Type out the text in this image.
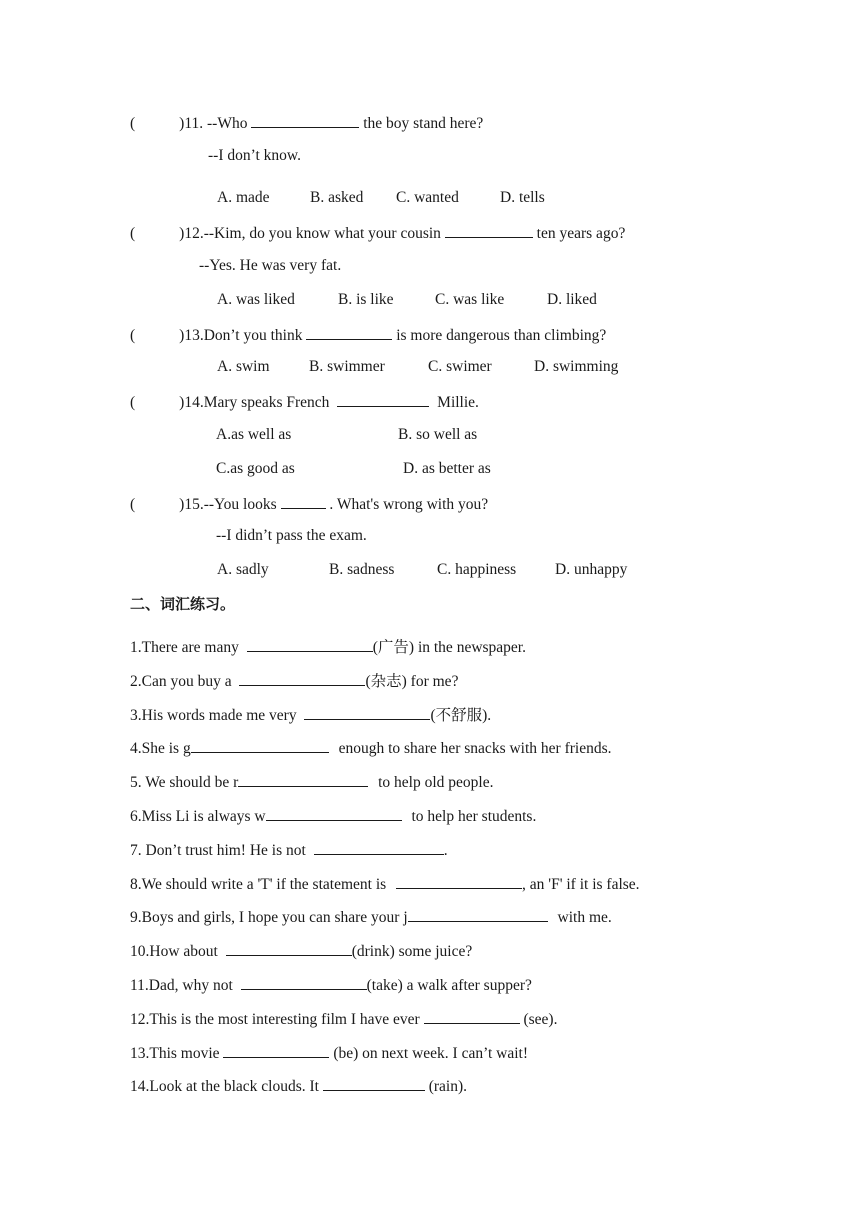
(	)11. --Who	the boy stand here?
--I don’t know.
A. made	B. asked C. wanted	D. tells
(	)12.--Kim, do you know what your cousin	ten years ago?
--Yes. He was very fat.
A. was liked	B. is like	C. was like	D. liked
(	)13.Don’t you think	is more dangerous than climbing?
A. swim	B. swimmer	C. swimer	D. swimming
(	)14.Mary speaks French	Millie.
A.as well as	B. so well as
C.as good as	D. as better as
(	)15.--You looks	. What's wrong with you?
--I didn’t pass the exam.
A. sadly	B. sadness	C. happiness	D. unhappy
二、词汇练习。
1.There are many	(广告) in the newspaper.
2.Can you buy a	(杂志) for me?
3.His words made me very	(不舒服).
4.She is g	enough to share her snacks with her friends.
5. We should be r	to help old people.
6.Miss Li is always w	to help her students.
7. Don’t trust him! He is not	.
8.We should write a 'T' if the statement is	, an 'F' if it is false.
9.Boys and girls, I hope you can share your j	with me.
10.How about	(drink) some juice?
11.Dad, why not	(take) a walk after supper?
12.This is the most interesting film I have ever	(see).
13.This movie	(be) on next week. I can’t wait!
14.Look at the black clouds. It	(rain).
